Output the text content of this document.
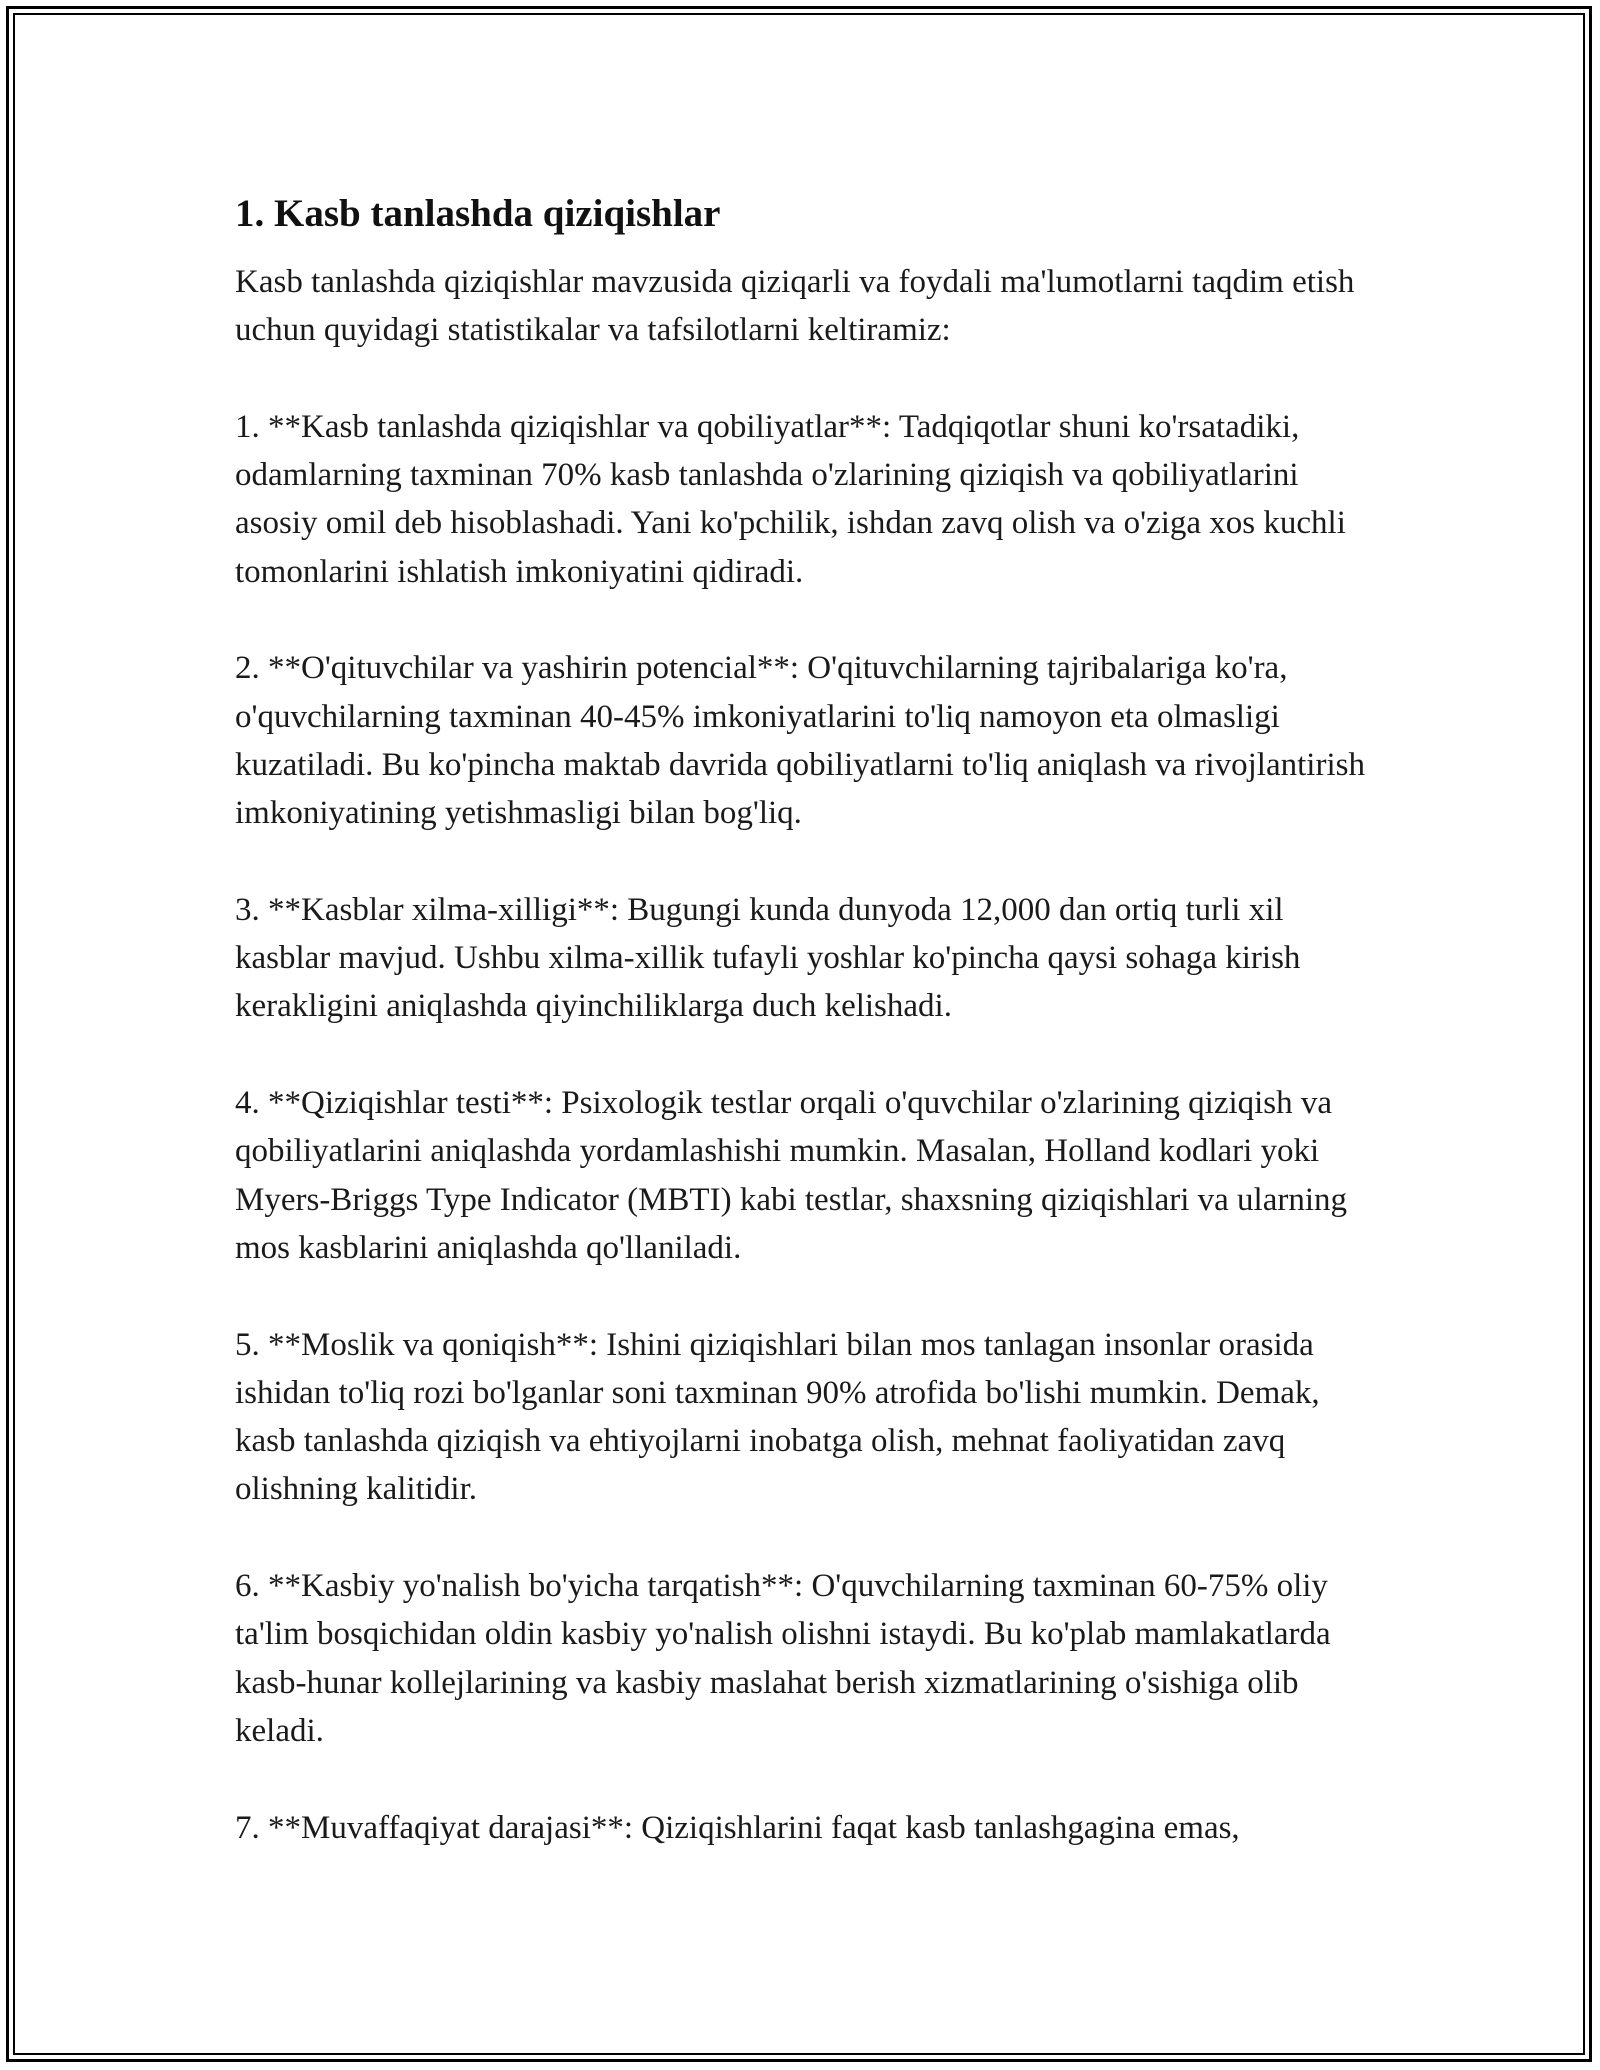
1. Kasb tanlashda qiziqishlar

Kasb tanlashda qiziqishlar mavzusida qiziqarli va foydali ma'lumotlarni taqdim etish uchun quyidagi statistikalar va tafsilotlarni keltiramiz:

1. **Kasb tanlashda qiziqishlar va qobiliyatlar**: Tadqiqotlar shuni ko'rsatadiki, odamlarning taxminan 70% kasb tanlashda o'zlarining qiziqish va qobiliyatlarini asosiy omil deb hisoblashadi. Yani ko'pchilik, ishdan zavq olish va o'ziga xos kuchli tomonlarini ishlatish imkoniyatini qidiradi.

2. **O'qituvchilar va yashirin potencial**: O'qituvchilarning tajribalariga ko'ra, o'quvchilarning taxminan 40-45% imkoniyatlarini to'liq namoyon eta olmasligi kuzatiladi. Bu ko'pincha maktab davrida qobiliyatlarni to'liq aniqlash va rivojlantirish imkoniyatining yetishmasligi bilan bog'liq.

3. **Kasblar xilma-xilligi**: Bugungi kunda dunyoda 12,000 dan ortiq turli xil kasblar mavjud. Ushbu xilma-xillik tufayli yoshlar ko'pincha qaysi sohaga kirish kerakligini aniqlashda qiyinchiliklarga duch kelishadi.

4. **Qiziqishlar testi**: Psixologik testlar orqali o'quvchilar o'zlarining qiziqish va qobiliyatlarini aniqlashda yordamlashishi mumkin. Masalan, Holland kodlari yoki Myers-Briggs Type Indicator (MBTI) kabi testlar, shaxsning qiziqishlari va ularning mos kasblarini aniqlashda qo'llaniladi.

5. **Moslik va qoniqish**: Ishini qiziqishlari bilan mos tanlagan insonlar orasida ishidan to'liq rozi bo'lganlar soni taxminan 90% atrofida bo'lishi mumkin. Demak, kasb tanlashda qiziqish va ehtiyojlarni inobatga olish, mehnat faoliyatidan zavq olishning kalitidir.

6. **Kasbiy yo'nalish bo'yicha tarqatish**: O'quvchilarning taxminan 60-75% oliy ta'lim bosqichidan oldin kasbiy yo'nalish olishni istaydi. Bu ko'plab mamlakatlarda kasb-hunar kollejlarining va kasbiy maslahat berish xizmatlarining o'sishiga olib keladi.

7. **Muvaffaqiyat darajasi**: Qiziqishlarini faqat kasb tanlashgagina emas,
